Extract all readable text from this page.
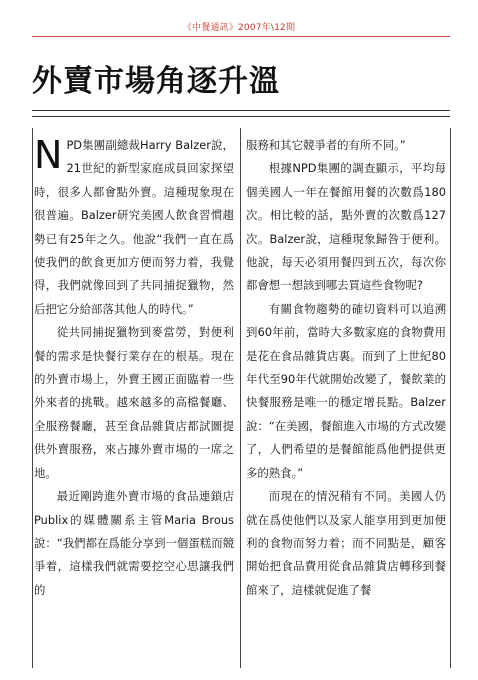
《中餐通訊》2007年\12期
外賣市場角逐升溫

N PD集團副總裁Harry Balzer說，21世紀的新型家庭成員回家探望時，很多人都會點外賣。這種現象現在很普遍。Balzer研究美國人飲食習慣趨勢已有25年之久。他說“我們一直在爲使我們的飲食更加方便而努力着，我覺得，我們就像回到了共同捕捉獵物，然后把它分給部落其他人的時代。”

從共同捕捉獵物到麥當勞，對便利餐的需求是快餐行業存在的根基。現在的外賣市場上，外賣王國正面臨着一些外來者的挑戰。越來越多的高檔餐廳、全服務餐廳，甚至食品雜貨店都試圖提供外賣服務，來占據外賣市場的一席之地。

最近剛跨進外賣市場的食品連鎖店Publix的媒體關系主管Maria Brous說：“我們都在爲能分享到一個蛋糕而競爭着，這樣我們就需要挖空心思讓我們的

服務和其它競爭者的有所不同。”

根據NPD集團的調查顯示，平均每個美國人一年在餐館用餐的次數爲180次。相比較的話，點外賣的次數爲127次。Balzer說，這種現象歸咎于便利。他說，每天必須用餐四到五次，每次你都會想一想該到哪去買這些食物呢?

有關食物趨勢的確切資料可以追溯到60年前，當時大多數家庭的食物費用是花在食品雜貨店裏。而到了上世紀80年代至90年代就開始改變了，餐飲業的快餐服務是唯一的穩定增長點。Balzer說：“在美國，餐館進入市場的方式改變了，人們希望的是餐館能爲他們提供更多的熟食。”

而現在的情況稍有不同。美國人仍就在爲使他們以及家人能享用到更加便利的食物而努力着；而不同點是，顧客開始把食品費用從食品雜貨店轉移到餐館來了，這樣就促進了餐
